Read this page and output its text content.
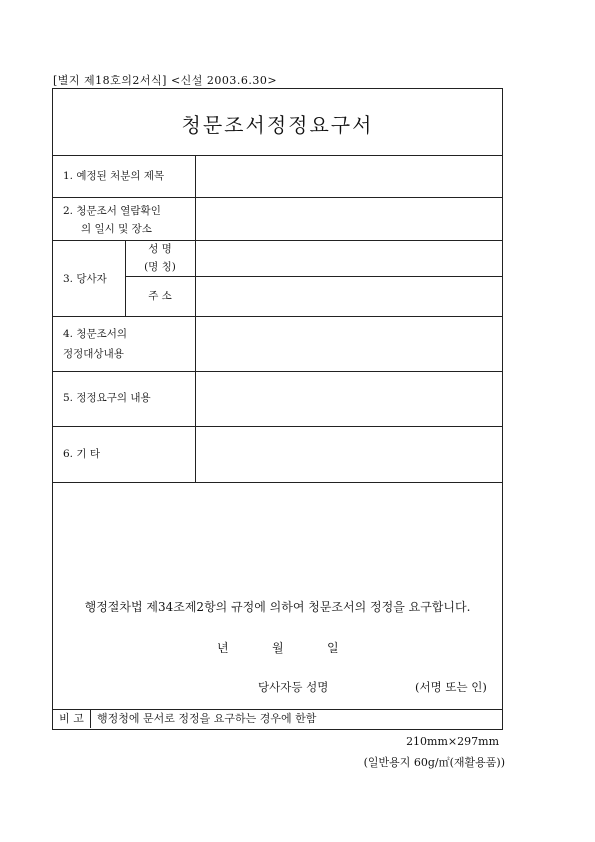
[별지 제18호의2서식] <신설 2003.6.30>
청문조서정정요구서
1. 예정된 처분의 제목
2. 청문조서 열람확인
의 일시 및 장소
3. 당사자
성 명
(명 칭)
주 소
4. 청문조서의
정정대상내용
5. 정정요구의 내용
6. 기 타
행정절차법 제34조제2항의 규정에 의하여 청문조서의 정정을 요구합니다.
년	월	일
당사자등 성명	(서명 또는 인)
비 고	행정청에 문서로 정정을 요구하는 경우에 한함
210mm×297mm
(일반용지 60g/㎡(재활용품))
